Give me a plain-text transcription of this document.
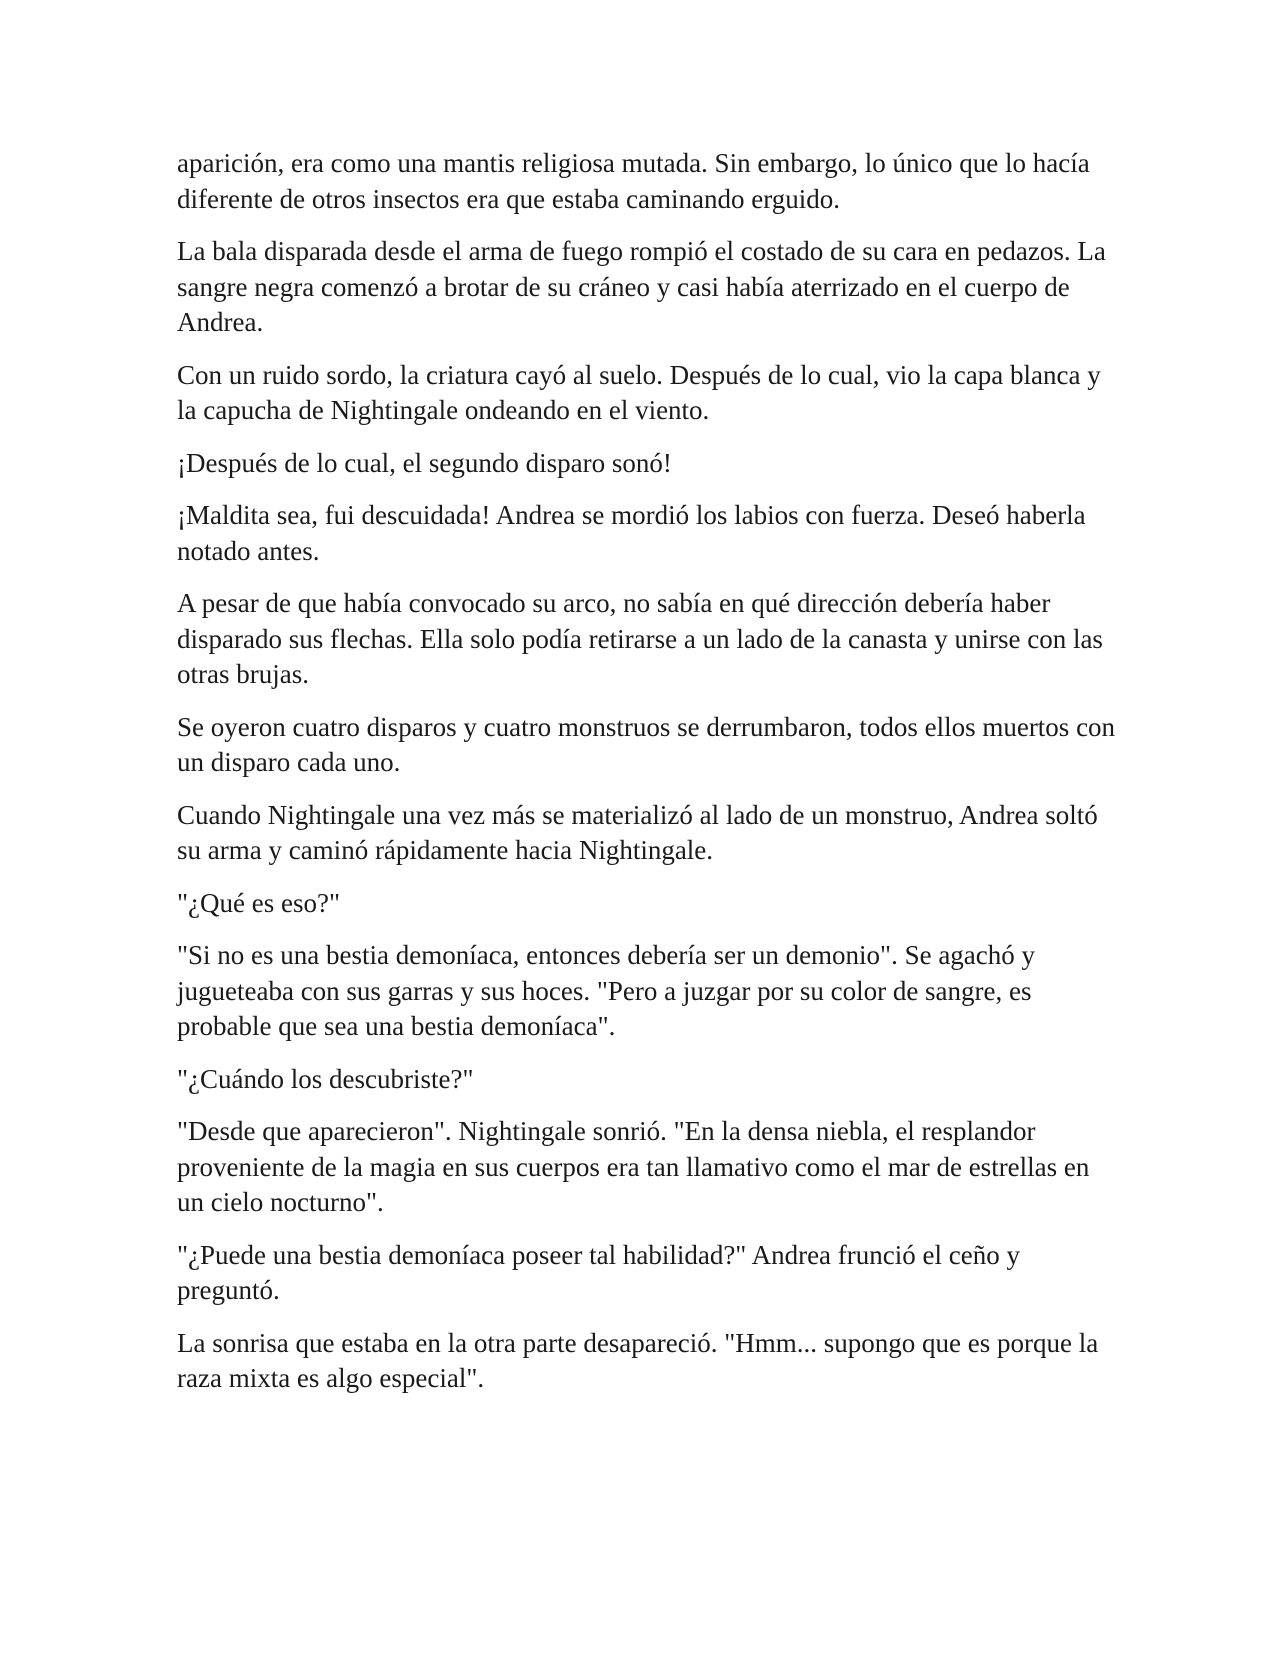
aparición, era como una mantis religiosa mutada. Sin embargo, lo único que lo hacía diferente de otros insectos era que estaba caminando erguido.

La bala disparada desde el arma de fuego rompió el costado de su cara en pedazos. La sangre negra comenzó a brotar de su cráneo y casi había aterrizado en el cuerpo de Andrea.

Con un ruido sordo, la criatura cayó al suelo. Después de lo cual, vio la capa blanca y la capucha de Nightingale ondeando en el viento.

¡Después de lo cual, el segundo disparo sonó!

¡Maldita sea, fui descuidada! Andrea se mordió los labios con fuerza. Deseó haberla notado antes.

A pesar de que había convocado su arco, no sabía en qué dirección debería haber disparado sus flechas. Ella solo podía retirarse a un lado de la canasta y unirse con las otras brujas.

Se oyeron cuatro disparos y cuatro monstruos se derrumbaron, todos ellos muertos con un disparo cada uno.

Cuando Nightingale una vez más se materializó al lado de un monstruo, Andrea soltó su arma y caminó rápidamente hacia Nightingale.

"¿Qué es eso?"

"Si no es una bestia demoníaca, entonces debería ser un demonio". Se agachó y jugueteaba con sus garras y sus hoces. "Pero a juzgar por su color de sangre, es probable que sea una bestia demoníaca".

"¿Cuándo los descubriste?"

"Desde que aparecieron". Nightingale sonrió. "En la densa niebla, el resplandor proveniente de la magia en sus cuerpos era tan llamativo como el mar de estrellas en un cielo nocturno".

"¿Puede una bestia demoníaca poseer tal habilidad?" Andrea frunció el ceño y preguntó.

La sonrisa que estaba en la otra parte desapareció. "Hmm... supongo que es porque la raza mixta es algo especial".
